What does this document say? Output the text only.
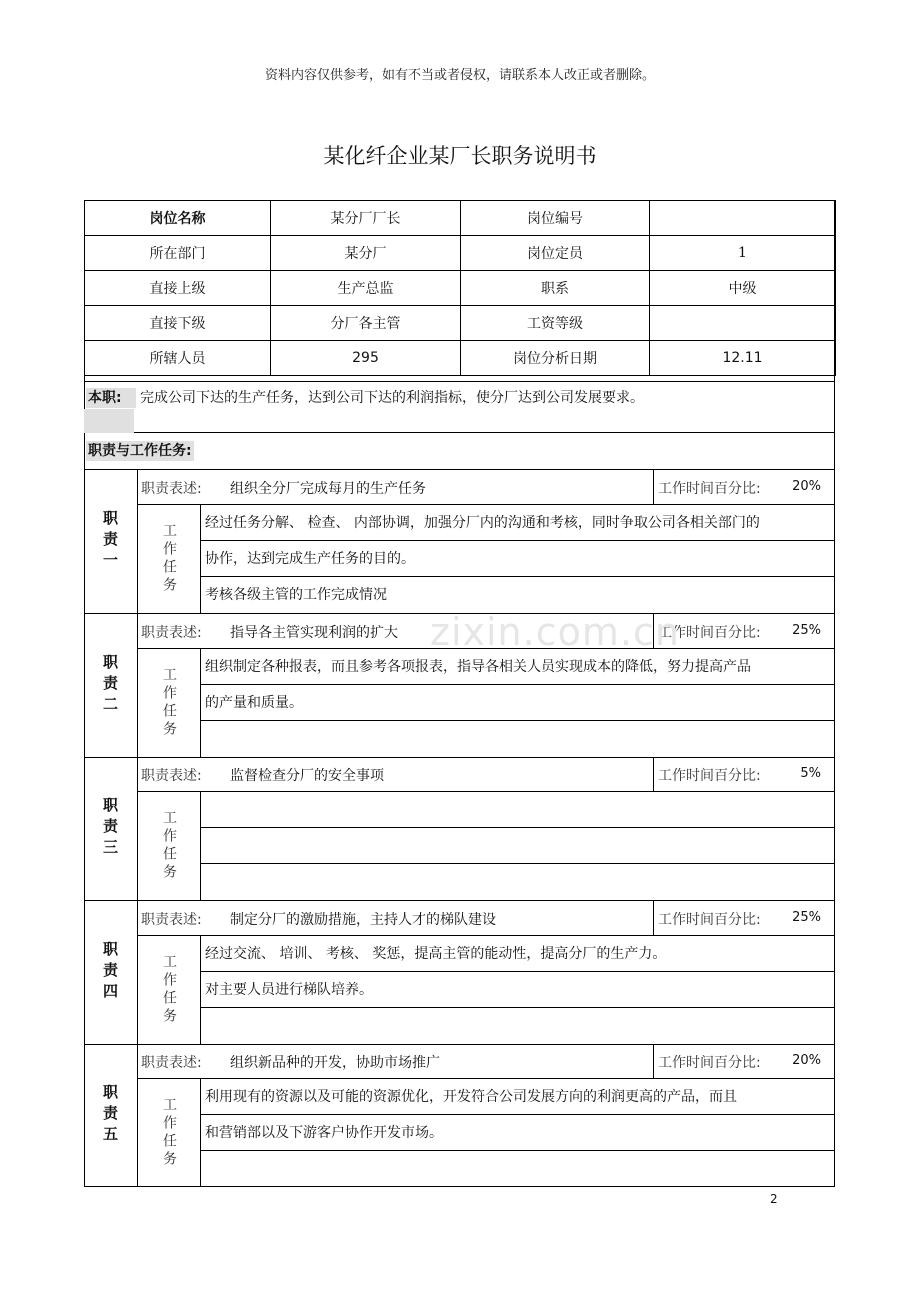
资料内容仅供参考，如有不当或者侵权，请联系本人改正或者删除。
某化纤企业某厂长职务说明书
岗位名称	某分厂厂长	岗位编号	
所在部门	某分厂	岗位定员	1
直接上级	生产总监	职系	中级
直接下级	分厂各主管	工资等级	
所辖人员	295	岗位分析日期	12.11
本职:	完成公司下达的生产任务，达到公司下达的利润指标，使分厂达到公司发展要求。
职责与工作任务:
职责一
职责表述: 组织全分厂完成每月的生产任务	工作时间百分比: 20%
工作任务 经过任务分解、 检查、 内部协调，加强分厂内的沟通和考核，同时争取公司各相关部门的
协作，达到完成生产任务的目的。
考核各级主管的工作完成情况
职责二
职责表述: 指导各主管实现利润的扩大	工作时间百分比: 25%
工作任务 组织制定各种报表，而且参考各项报表，指导各相关人员实现成本的降低，努力提高产品
的产量和质量。
职责三
职责表述: 监督检查分厂的安全事项	工作时间百分比:	5%
工作任务
职责四
职责表述: 制定分厂的激励措施，主持人才的梯队建设	工作时间百分比: 25%
工作任务 经过交流、 培训、 考核、 奖惩，提高主管的能动性，提高分厂的生产力。
对主要人员进行梯队培养。
职责五
职责表述: 组织新品种的开发，协助市场推广	工作时间百分比: 20%
工作任务 利用现有的资源以及可能的资源优化，开发符合公司发展方向的利润更高的产品，而且
和营销部以及下游客户协作开发市场。
zixin.com.cn
2
